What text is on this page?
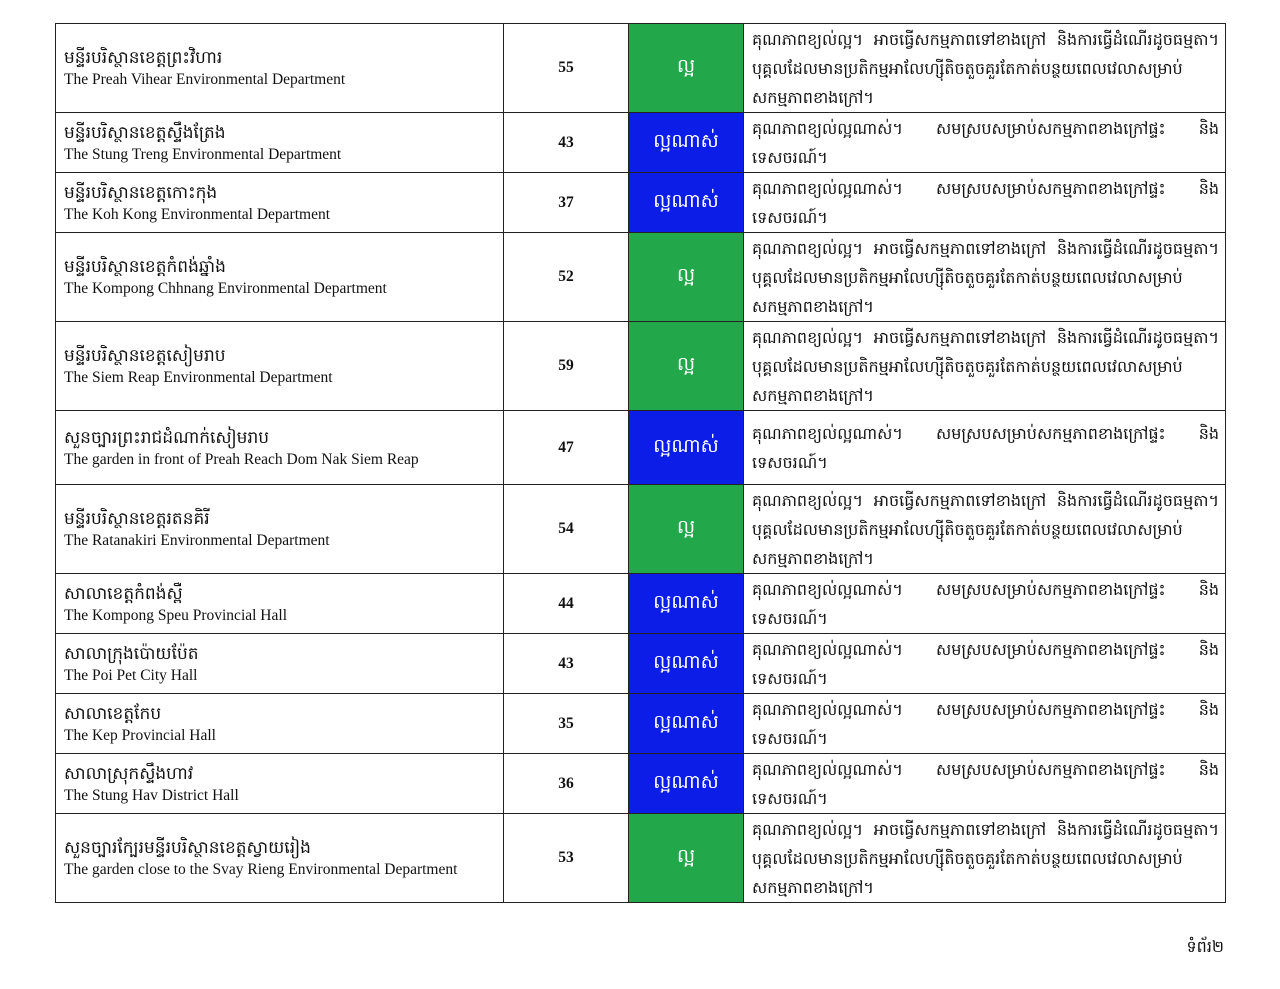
មន្ទីរបរិស្ថានខេត្តព្រះវិហារ
The Preah Vihear Environmental Department	55	ល្អ	គុណភាពខ្យល់ល្អ។ អាចធ្វើសកម្មភាពទៅខាងក្រៅ និងការធ្វើដំណើរដូចធម្មតា។ បុគ្គលដែលមានប្រតិកម្មអាលែហ្ស៊ីតិចតួចគួរតែកាត់បន្ថយពេលវេលាសម្រាប់សកម្មភាពខាងក្រៅ។

មន្ទីរបរិស្ថានខេត្តស្ទឹងត្រែង
The Stung Treng Environmental Department	43	ល្អណាស់	គុណភាពខ្យល់ល្អណាស់។ សមស្របសម្រាប់សកម្មភាពខាងក្រៅផ្ទះ និងទេសចរណ៍។

មន្ទីរបរិស្ថានខេត្តកោះកុង
The Koh Kong Environmental Department	37	ល្អណាស់	គុណភាពខ្យល់ល្អណាស់។ សមស្របសម្រាប់សកម្មភាពខាងក្រៅផ្ទះ និងទេសចរណ៍។

មន្ទីរបរិស្ថានខេត្តកំពង់ឆ្នាំង
The Kompong Chhnang Environmental Department	52	ល្អ	គុណភាពខ្យល់ល្អ។ អាចធ្វើសកម្មភាពទៅខាងក្រៅ និងការធ្វើដំណើរដូចធម្មតា។ បុគ្គលដែលមានប្រតិកម្មអាលែហ្ស៊ីតិចតួចគួរតែកាត់បន្ថយពេលវេលាសម្រាប់សកម្មភាពខាងក្រៅ។

មន្ទីរបរិស្ថានខេត្តសៀមរាប
The Siem Reap Environmental Department	59	ល្អ	គុណភាពខ្យល់ល្អ។ អាចធ្វើសកម្មភាពទៅខាងក្រៅ និងការធ្វើដំណើរដូចធម្មតា។ បុគ្គលដែលមានប្រតិកម្មអាលែហ្ស៊ីតិចតួចគួរតែកាត់បន្ថយពេលវេលាសម្រាប់សកម្មភាពខាងក្រៅ។

សួនច្បារព្រះរាជដំណាក់សៀមរាប
The garden in front of Preah Reach Dom Nak Siem Reap	47	ល្អណាស់	គុណភាពខ្យល់ល្អណាស់។ សមស្របសម្រាប់សកម្មភាពខាងក្រៅផ្ទះ និងទេសចរណ៍។

មន្ទីរបរិស្ថានខេត្តរតនគិរី
The Ratanakiri Environmental Department	54	ល្អ	គុណភាពខ្យល់ល្អ។ អាចធ្វើសកម្មភាពទៅខាងក្រៅ និងការធ្វើដំណើរដូចធម្មតា។ បុគ្គលដែលមានប្រតិកម្មអាលែហ្ស៊ីតិចតួចគួរតែកាត់បន្ថយពេលវេលាសម្រាប់សកម្មភាពខាងក្រៅ។

សាលាខេត្តកំពង់ស្ពឺ
The Kompong Speu Provincial Hall	44	ល្អណាស់	គុណភាពខ្យល់ល្អណាស់។ សមស្របសម្រាប់សកម្មភាពខាងក្រៅផ្ទះ និងទេសចរណ៍។

សាលាក្រុងប៉ោយប៉ែត
The Poi Pet City Hall	43	ល្អណាស់	គុណភាពខ្យល់ល្អណាស់។ សមស្របសម្រាប់សកម្មភាពខាងក្រៅផ្ទះ និងទេសចរណ៍។

សាលាខេត្តកែប
The Kep Provincial Hall	35	ល្អណាស់	គុណភាពខ្យល់ល្អណាស់។ សមស្របសម្រាប់សកម្មភាពខាងក្រៅផ្ទះ និងទេសចរណ៍។

សាលាស្រុកស្ទឹងហាវ
The Stung Hav District Hall	36	ល្អណាស់	គុណភាពខ្យល់ល្អណាស់។ សមស្របសម្រាប់សកម្មភាពខាងក្រៅផ្ទះ និងទេសចរណ៍។

សួនច្បារក្បែរមន្ទីរបរិស្ថានខេត្តស្វាយរៀង
The garden close to the Svay Rieng Environmental Department	53	ល្អ	គុណភាពខ្យល់ល្អ។ អាចធ្វើសកម្មភាពទៅខាងក្រៅ និងការធ្វើដំណើរដូចធម្មតា។ បុគ្គលដែលមានប្រតិកម្មអាលែហ្ស៊ីតិចតួចគួរតែកាត់បន្ថយពេលវេលាសម្រាប់សកម្មភាពខាងក្រៅ។
ទំព័រ២
